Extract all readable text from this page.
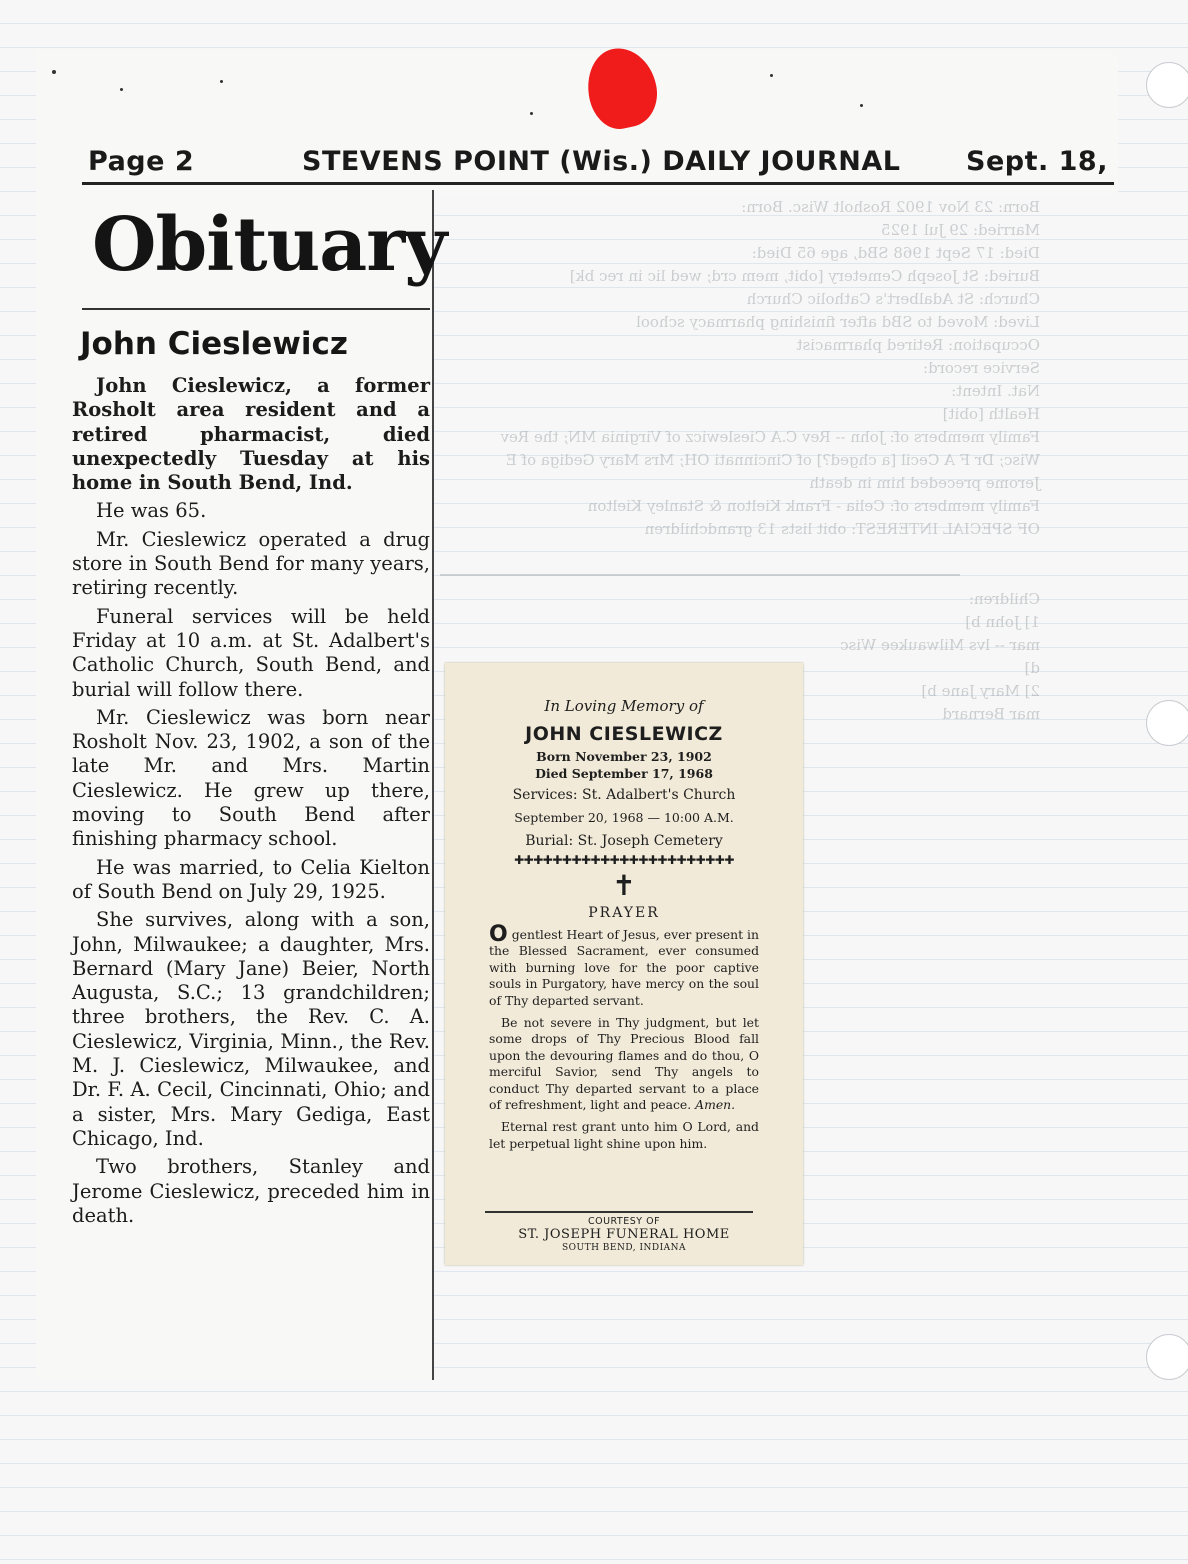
Born: 23 Nov 1902 Rosholt Wisc. Born:
Married: 29 Jul 1925
Died: 17 Sept 1968 SBd, age 65 Died:
Buried: St Joseph Cemetery [obit, mem crd; wed lic in rec bk]
Church: St Adalbert's Catholic Church
Lived: Moved to SBd after finishing pharmacy school
Occupation: Retired pharmacist
Service record:
Nat. Intent:
Health [obit]
Family members of: John -- Rev C.A Cieslewicz of Virginia MN; the Rev
Wisc; Dr F A Cecil [a chged?] of Cincinnati OH; Mrs Mary Gediga of E
Jerome preceded him in death
Family members of: Celia - Frank Kielton & Stanley Kielton
OF SPECIAL INTEREST: obit lists 13 grandchildren
Children:
1] John b]
mar -- lvs Milwaukee Wisc
d]
2] Mary Jane b]
mar Bernard
Page 2	STEVENS POINT (Wis.) DAILY JOURNAL Sept. 18,
Obituary
John Cieslewicz

John Cieslewicz, a former Rosholt area resident and a retired pharmacist, died unexpectedly Tuesday at his home in South Bend, Ind.

He was 65.

Mr. Cieslewicz operated a drug store in South Bend for many years, retiring recently.

Funeral services will be held Friday at 10 a.m. at St. Adalbert's Catholic Church, South Bend, and burial will follow there.

Mr. Cieslewicz was born near Rosholt Nov. 23, 1902, a son of the late Mr. and Mrs. Martin Cieslewicz. He grew up there, moving to South Bend after finishing pharmacy school.

He was married, to Celia Kielton of South Bend on July 29, 1925.

She survives, along with a son, John, Milwaukee; a daughter, Mrs. Bernard (Mary Jane) Beier, North Augusta, S.C.; 13 grandchildren; three brothers, the Rev. C. A. Cieslewicz, Virginia, Minn., the Rev. M. J. Cieslewicz, Milwaukee, and Dr. F. A. Cecil, Cincinnati, Ohio; and a sister, Mrs. Mary Gediga, East Chicago, Ind.

Two brothers, Stanley and Jerome Cieslewicz, preceded him in death.

In Loving Memory of
JOHN CIESLEWICZ
Born November 23, 1902
Died September 17, 1968
Services: St. Adalbert's Church
September 20, 1968 — 10:00 A.M.
Burial: St. Joseph Cemetery
✚✚✚✚✚✚✚✚✚✚✚✚✚✚✚✚✚✚✚✚✚✚✚
✝
PRAYER

Ogentlest Heart of Jesus, ever present in the Blessed Sacrament, ever consumed with burning love for the poor captive souls in Purgatory, have mercy on the soul of Thy departed servant.

Be not severe in Thy judgment, but let some drops of Thy Precious Blood fall upon the devouring flames and do thou, O merciful Savior, send Thy angels to conduct Thy departed servant to a place of refreshment, light and peace. Amen.

Eternal rest grant unto him O Lord, and let perpetual light shine upon him.

COURTESY OF
ST. JOSEPH FUNERAL HOME
SOUTH BEND, INDIANA
